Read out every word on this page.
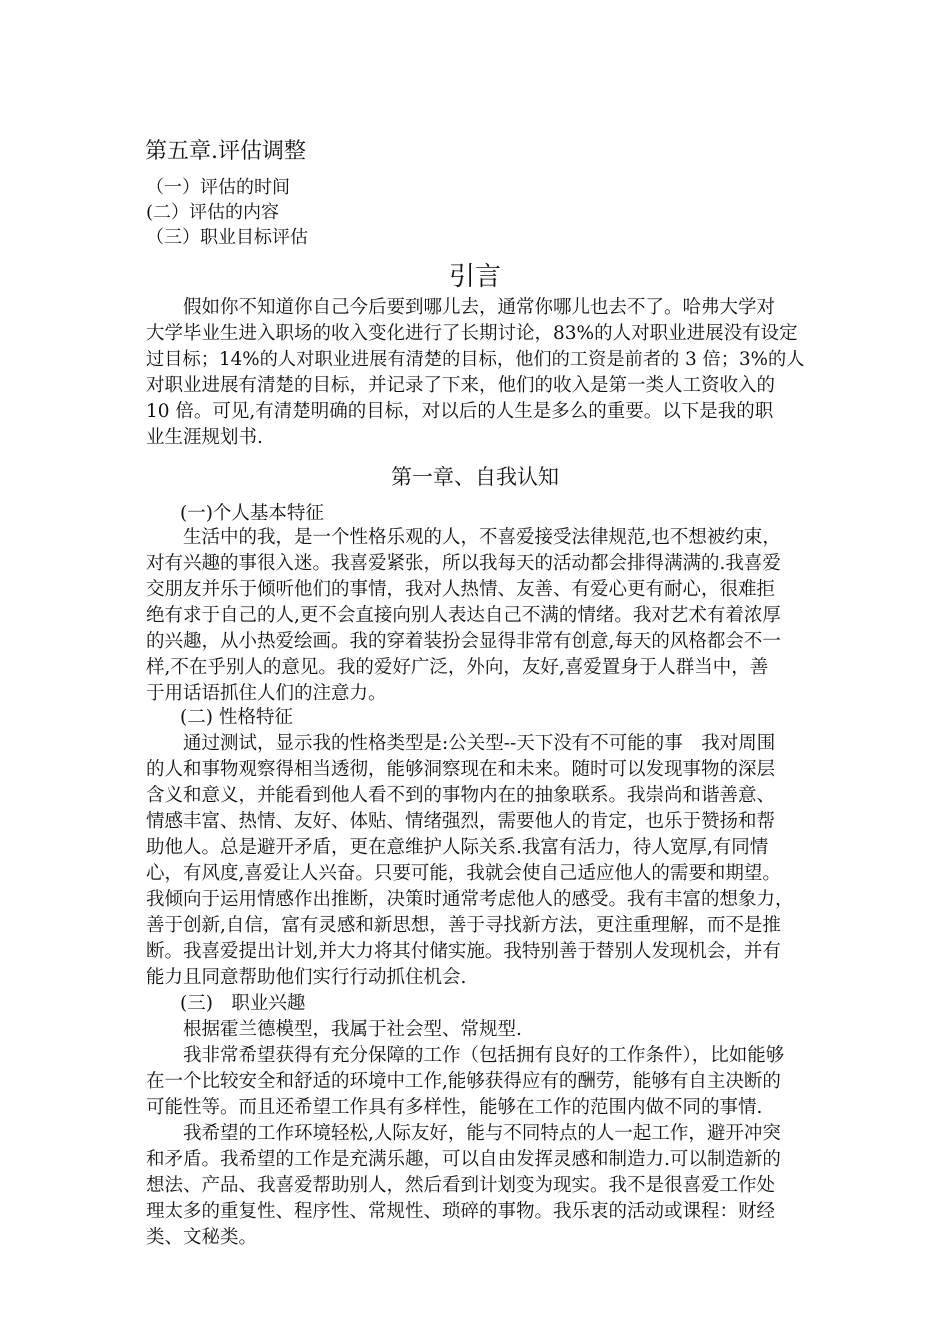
第五章.评估调整
（一）评估的时间
(二）评估的内容
（三）职业目标评估
引言
假如你不知道你自己今后要到哪儿去，通常你哪儿也去不了。哈弗大学对
大学毕业生进入职场的收入变化进行了长期讨论，83%的人对职业进展没有设定
过目标；14%的人对职业进展有清楚的目标，他们的工资是前者的 3 倍；3%的人
对职业进展有清楚的目标，并记录了下来，他们的收入是第一类人工资收入的
10 倍。可见,有清楚明确的目标，对以后的人生是多么的重要。以下是我的职
业生涯规划书.
第一章、自我认知
(一)个人基本特征
生活中的我，是一个性格乐观的人，不喜爱接受法律规范,也不想被约束，
对有兴趣的事很入迷。我喜爱紧张，所以我每天的活动都会排得满满的.我喜爱
交朋友并乐于倾听他们的事情，我对人热情、友善、有爱心更有耐心，很难拒
绝有求于自己的人,更不会直接向别人表达自己不满的情绪。我对艺术有着浓厚
的兴趣，从小热爱绘画。我的穿着装扮会显得非常有创意,每天的风格都会不一
样,不在乎别人的意见。我的爱好广泛，外向，友好,喜爱置身于人群当中，善
于用话语抓住人们的注意力。
(二) 性格特征
通过测试，显示我的性格类型是:公关型--天下没有不可能的事　我对周围
的人和事物观察得相当透彻，能够洞察现在和未来。随时可以发现事物的深层
含义和意义，并能看到他人看不到的事物内在的抽象联系。我崇尚和谐善意、
情感丰富、热情、友好、体贴、情绪强烈，需要他人的肯定，也乐于赞扬和帮
助他人。总是避开矛盾，更在意维护人际关系.我富有活力，待人宽厚,有同情
心，有风度,喜爱让人兴奋。只要可能，我就会使自己适应他人的需要和期望。
我倾向于运用情感作出推断，决策时通常考虑他人的感受。我有丰富的想象力，
善于创新,自信，富有灵感和新思想，善于寻找新方法，更注重理解，而不是推
断。我喜爱提出计划,并大力将其付储实施。我特别善于替别人发现机会，并有
能力且同意帮助他们实行行动抓住机会.
(三)　职业兴趣
根据霍兰德模型，我属于社会型、常规型.
我非常希望获得有充分保障的工作（包括拥有良好的工作条件），比如能够
在一个比较安全和舒适的环境中工作,能够获得应有的酬劳，能够有自主决断的
可能性等。而且还希望工作具有多样性，能够在工作的范围内做不同的事情.
我希望的工作环境轻松,人际友好，能与不同特点的人一起工作，避开冲突
和矛盾。我希望的工作是充满乐趣，可以自由发挥灵感和制造力.可以制造新的
想法、产品、我喜爱帮助别人，然后看到计划变为现实。我不是很喜爱工作处
理太多的重复性、程序性、常规性、琐碎的事物。我乐衷的活动或课程：财经
类、文秘类。
